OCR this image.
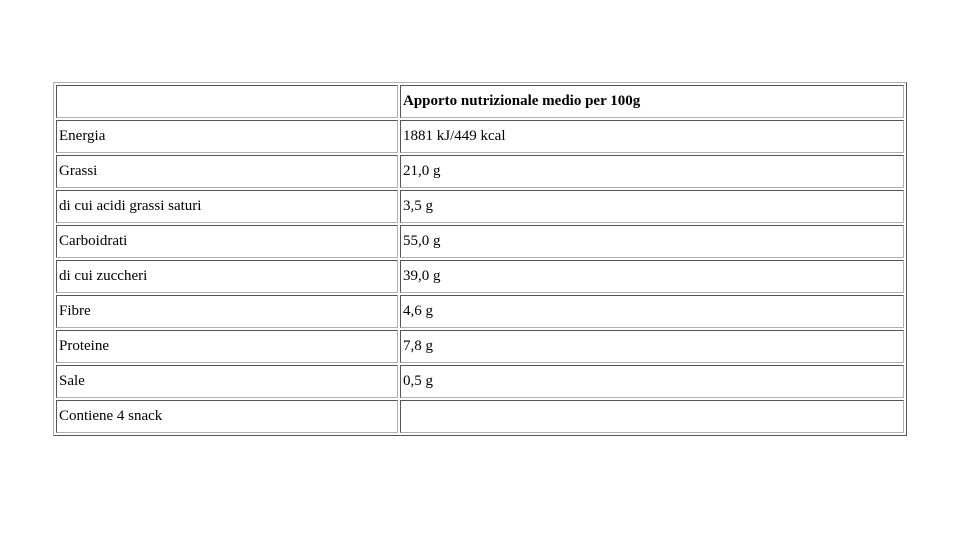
	Apporto nutrizionale medio per 100g
Energia	1881 kJ/449 kcal
Grassi	21,0 g
di cui acidi grassi saturi	3,5 g
Carboidrati	55,0 g
di cui zuccheri	39,0 g
Fibre	4,6 g
Proteine	7,8 g
Sale	0,5 g
Contiene 4 snack	
